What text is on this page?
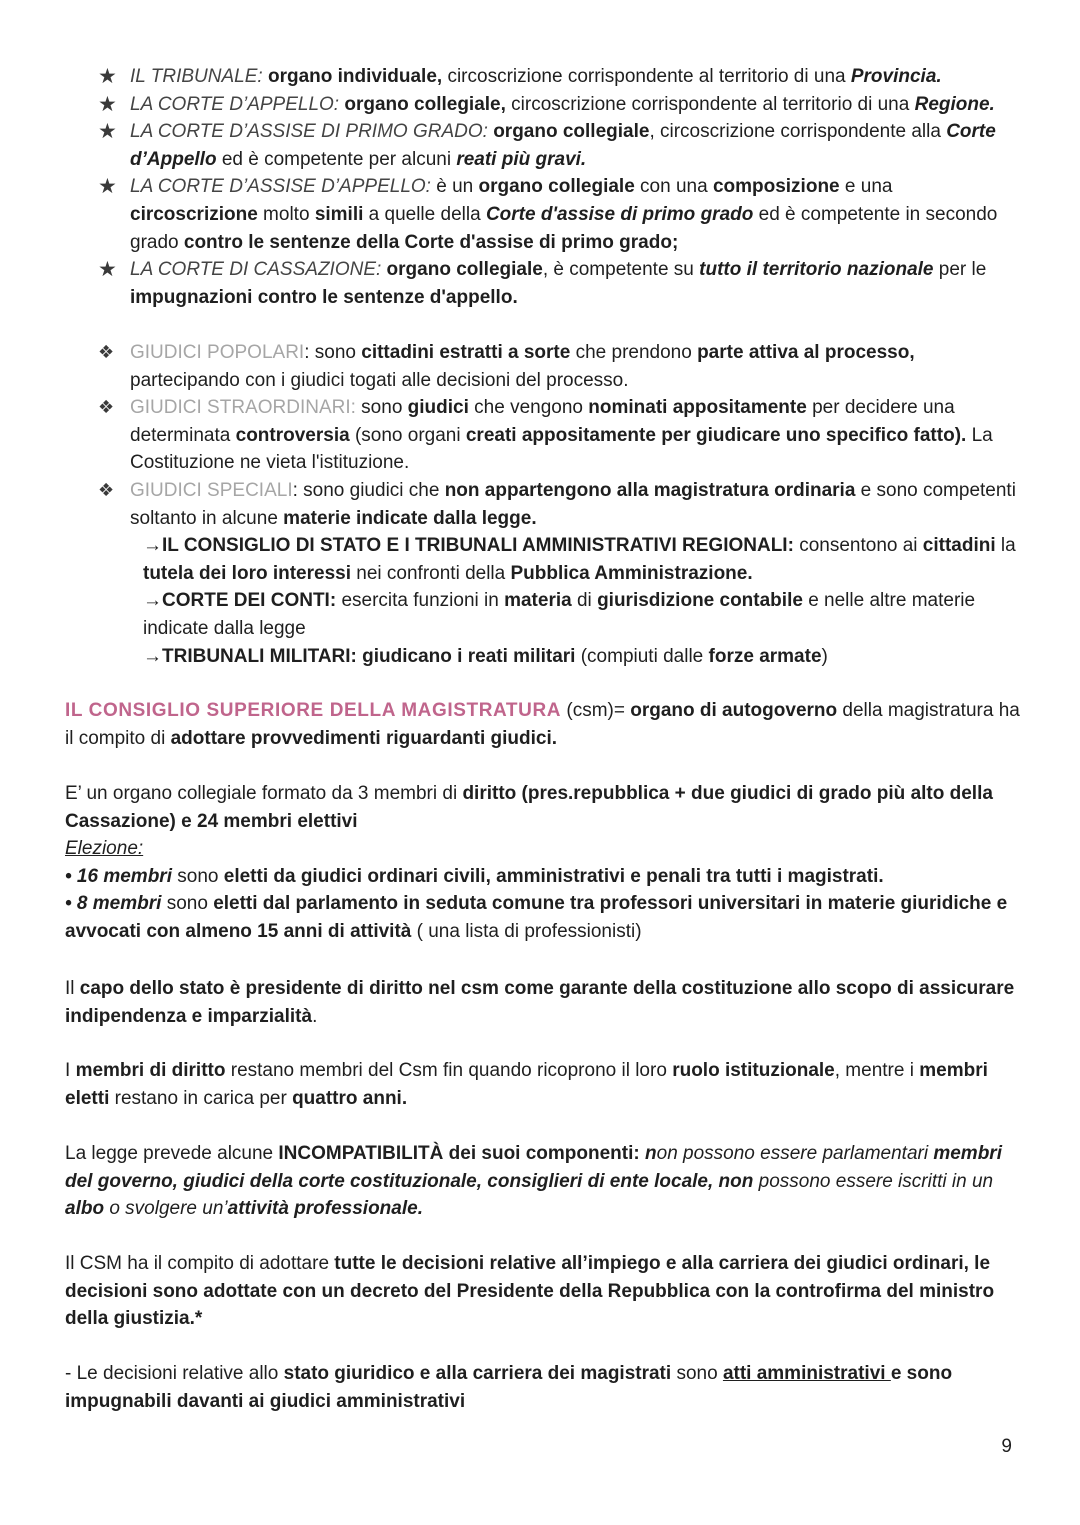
★ IL TRIBUNALE: organo individuale, circoscrizione corrispondente al territorio di una Provincia.
★ LA CORTE D’APPELLO: organo collegiale, circoscrizione corrispondente al territorio di una Regione.
★ LA CORTE D’ASSISE DI PRIMO GRADO: organo collegiale, circoscrizione corrispondente alla Corte d’Appello ed è competente per alcuni reati più gravi.
★ LA CORTE D’ASSISE D’APPELLO: è un organo collegiale con una composizione e una circoscrizione molto simili a quelle della Corte d'assise di primo grado ed è competente in secondo grado contro le sentenze della Corte d'assise di primo grado;
★ LA CORTE DI CASSAZIONE: organo collegiale, è competente su tutto il territorio nazionale per le impugnazioni contro le sentenze d'appello.
❖ GIUDICI POPOLARI: sono cittadini estratti a sorte che prendono parte attiva al processo, partecipando con i giudici togati alle decisioni del processo.
❖ GIUDICI STRAORDINARI: sono giudici che vengono nominati appositamente per decidere una determinata controversia (sono organi creati appositamente per giudicare uno specifico fatto). La Costituzione ne vieta l'istituzione.
❖ GIUDICI SPECIALI: sono giudici che non appartengono alla magistratura ordinaria e sono competenti soltanto in alcune materie indicate dalla legge.

→IL CONSIGLIO DI STATO E I TRIBUNALI AMMINISTRATIVI REGIONALI: consentono ai cittadini la tutela dei loro interessi nei confronti della Pubblica Amministrazione.

→CORTE DEI CONTI: esercita funzioni in materia di giurisdizione contabile e nelle altre materie indicate dalla legge

→TRIBUNALI MILITARI: giudicano i reati militari (compiuti dalle forze armate)

IL CONSIGLIO SUPERIORE DELLA MAGISTRATURA (csm)= organo di autogoverno della magistratura ha il compito di adottare provvedimenti riguardanti giudici.

E’ un organo collegiale formato da 3 membri di diritto (pres.repubblica + due giudici di grado più alto della Cassazione) e 24 membri elettivi

Elezione:

• 16 membri sono eletti da giudici ordinari civili, amministrativi e penali tra tutti i magistrati.

• 8 membri sono eletti dal parlamento in seduta comune tra professori universitari in materie giuridiche e avvocati con almeno 15 anni di attività ( una lista di professionisti)

Il capo dello stato è presidente di diritto nel csm come garante della costituzione allo scopo di assicurare indipendenza e imparzialità.

I membri di diritto restano membri del Csm fin quando ricoprono il loro ruolo istituzionale, mentre i membri eletti restano in carica per quattro anni.

La legge prevede alcune INCOMPATIBILITÀ dei suoi componenti: non possono essere parlamentari membri del governo, giudici della corte costituzionale, consiglieri di ente locale, non possono essere iscritti in un albo o svolgere un’attività professionale.

Il CSM ha il compito di adottare tutte le decisioni relative all’impiego e alla carriera dei giudici ordinari, le decisioni sono adottate con un decreto del Presidente della Repubblica con la controfirma del ministro della giustizia.*

- Le decisioni relative allo stato giuridico e alla carriera dei magistrati sono atti amministrativi e sono impugnabili davanti ai giudici amministrativi

9
